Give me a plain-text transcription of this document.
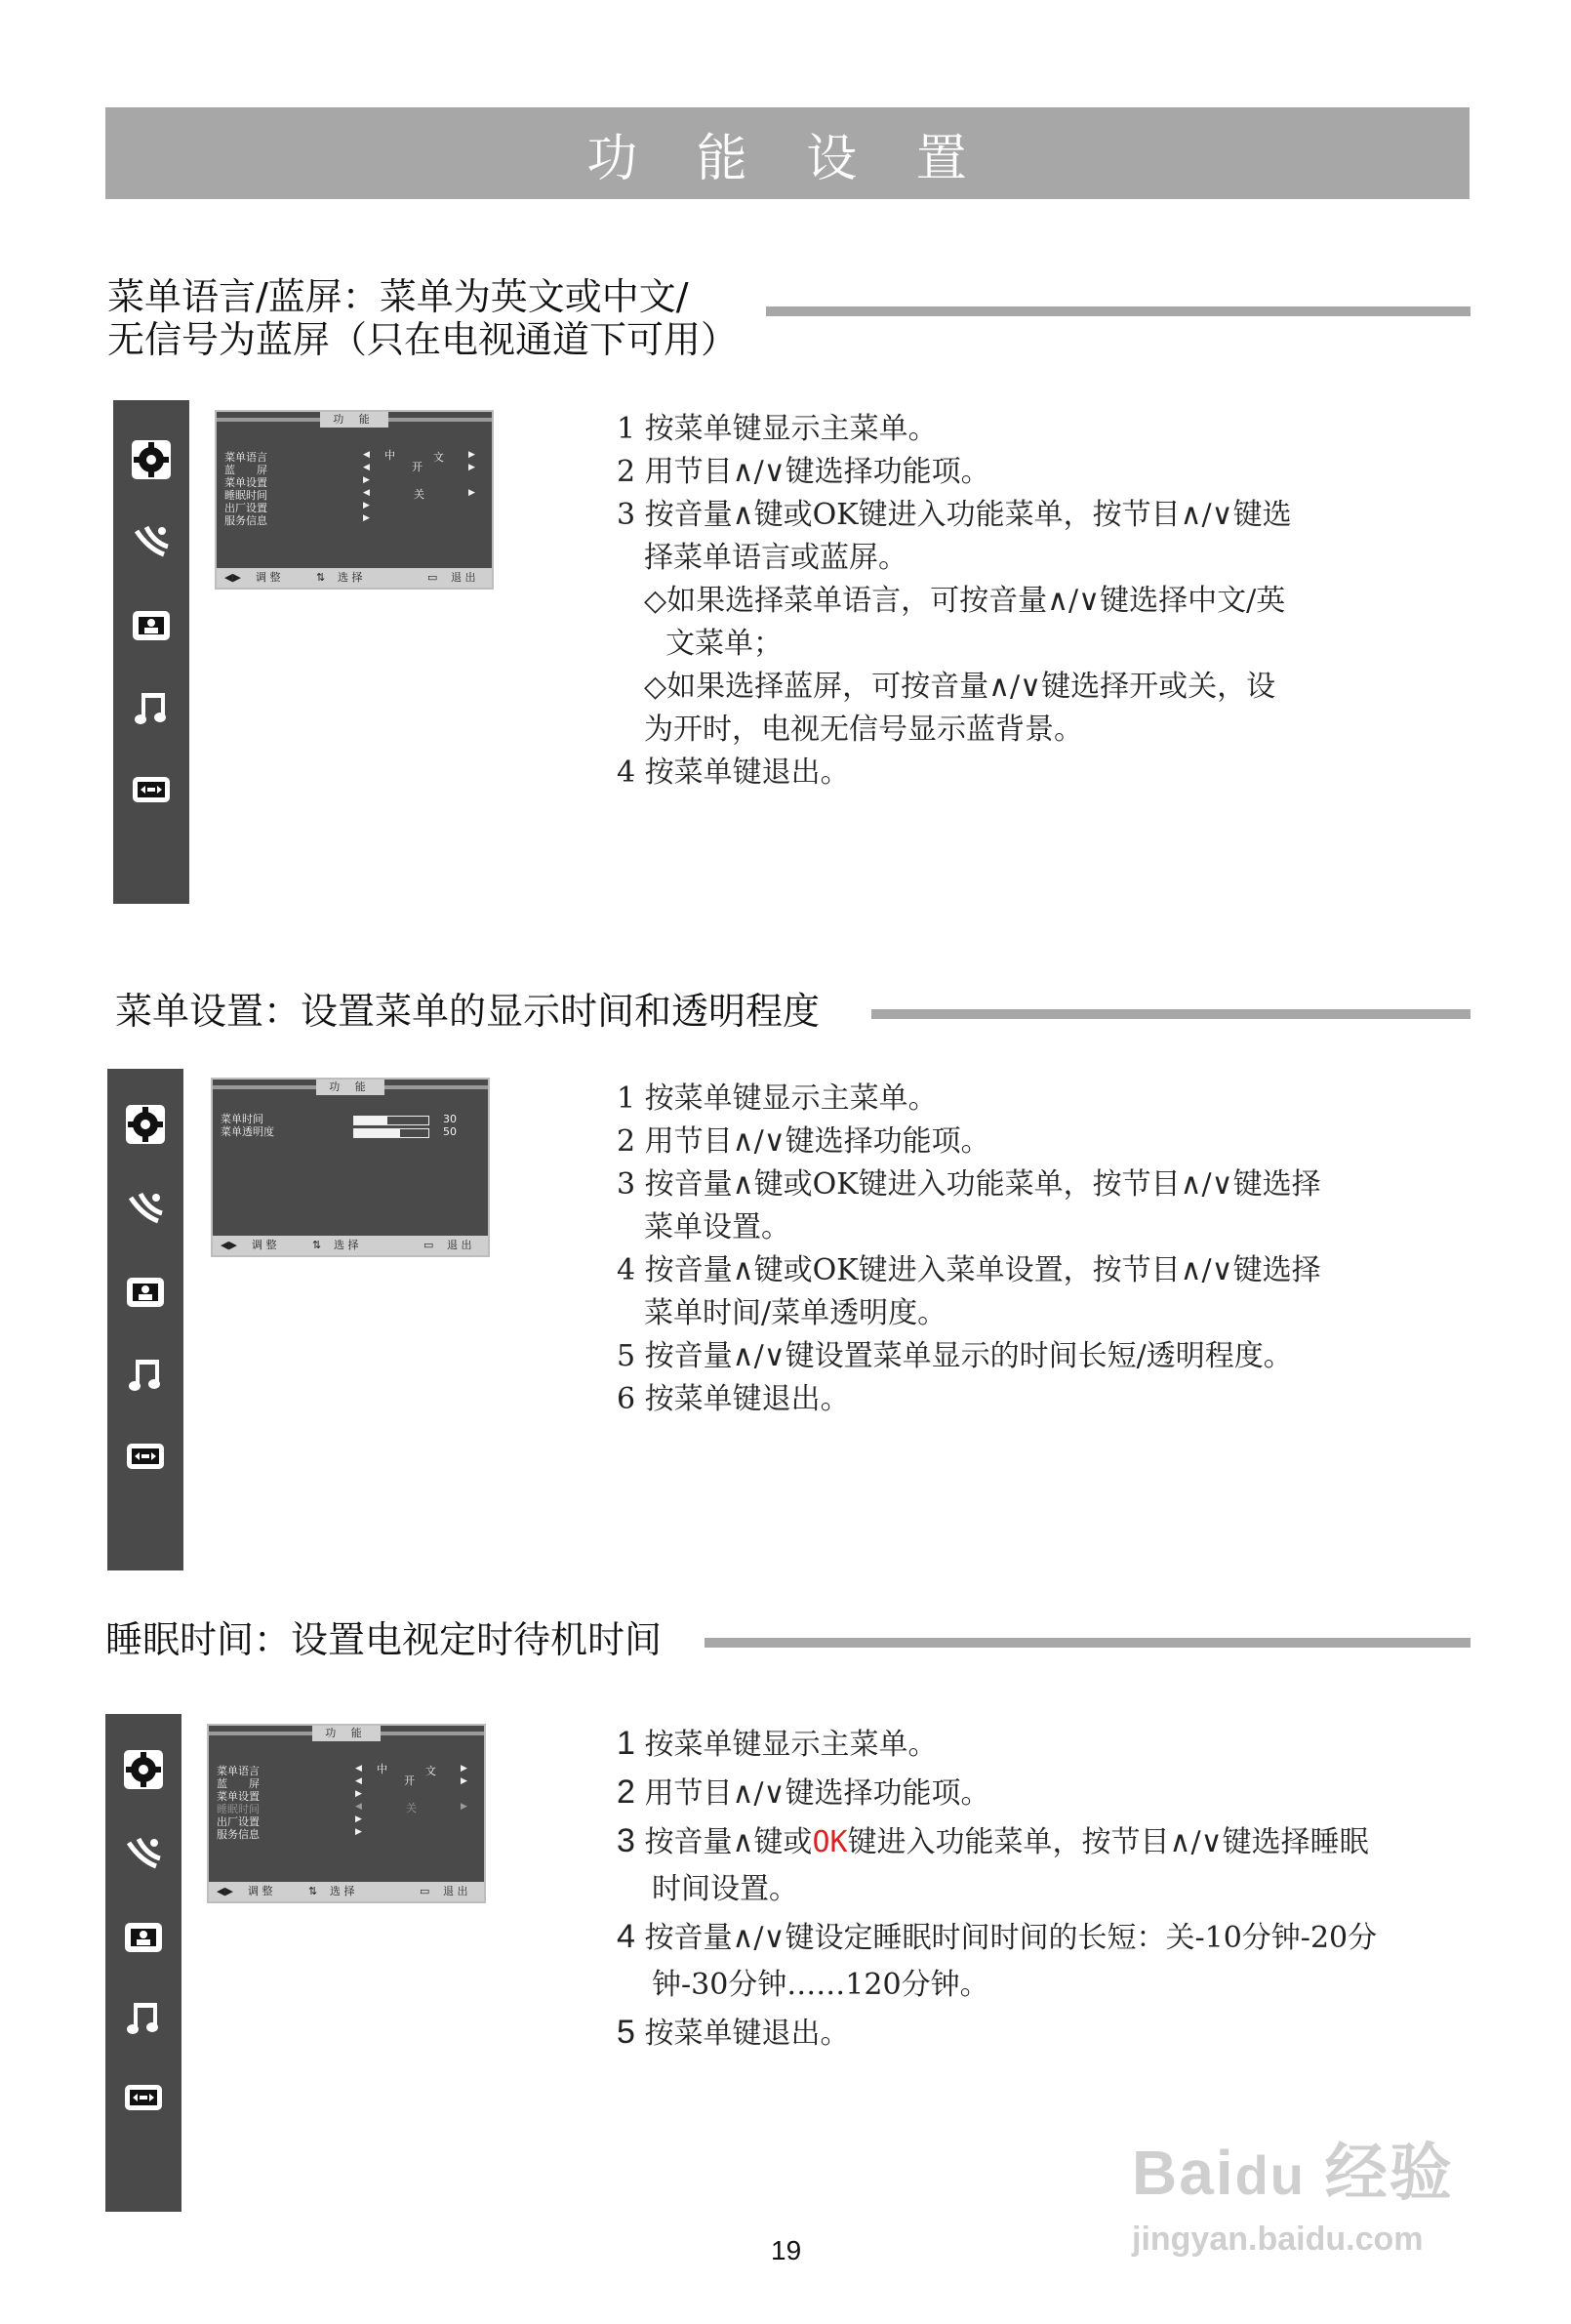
功 能 设 置
菜单语言/蓝屏：菜单为英文或中文/
无信号为蓝屏（只在电视通道下可用）
功 能
菜单语言
蓝　　屏
菜单设置
睡眠时间
出厂设置
服务信息
◀
◀
▶
◀
▶
▶
中	文
开
关
▶
▶
▶
◀▶ 调 整	⇅ 选 择	▭ 退 出

1 按菜单键显示主菜单。

2 用节目∧/∨键选择功能项。

3 按音量∧键或OK键进入功能菜单，按节目∧/∨键选

择菜单语言或蓝屏。

◇如果选择菜单语言，可按音量∧/∨键选择中文/英

文菜单；

◇如果选择蓝屏，可按音量∧/∨键选择开或关，设

为开时，电视无信号显示蓝背景。

4 按菜单键退出。

菜单设置：设置菜单的显示时间和透明程度
功 能
菜单时间
菜单透明度
30
50
◀▶ 调 整	⇅ 选 择	▭ 退 出

1 按菜单键显示主菜单。

2 用节目∧/∨键选择功能项。

3 按音量∧键或OK键进入功能菜单，按节目∧/∨键选择

菜单设置。

4 按音量∧键或OK键进入菜单设置，按节目∧/∨键选择

菜单时间/菜单透明度。

5 按音量∧/∨键设置菜单显示的时间长短/透明程度。

6 按菜单键退出。

睡眠时间：设置电视定时待机时间
功 能
菜单语言
蓝　　屏
菜单设置
睡眠时间
出厂设置
服务信息
◀
◀
▶
◀
▶
▶
中	文
开
关
▶
▶
▶
◀▶ 调 整	⇅ 选 择	▭ 退 出

1 按菜单键显示主菜单。

2 用节目∧/∨键选择功能项。

3 按音量∧键或OK键进入功能菜单，按节目∧/∨键选择睡眠

时间设置。

4 按音量∧/∨键设定睡眠时间时间的长短：关-10分钟-20分

钟-30分钟……120分钟。

5 按菜单键退出。

19
Baidu 经验
jingyan.baidu.com
